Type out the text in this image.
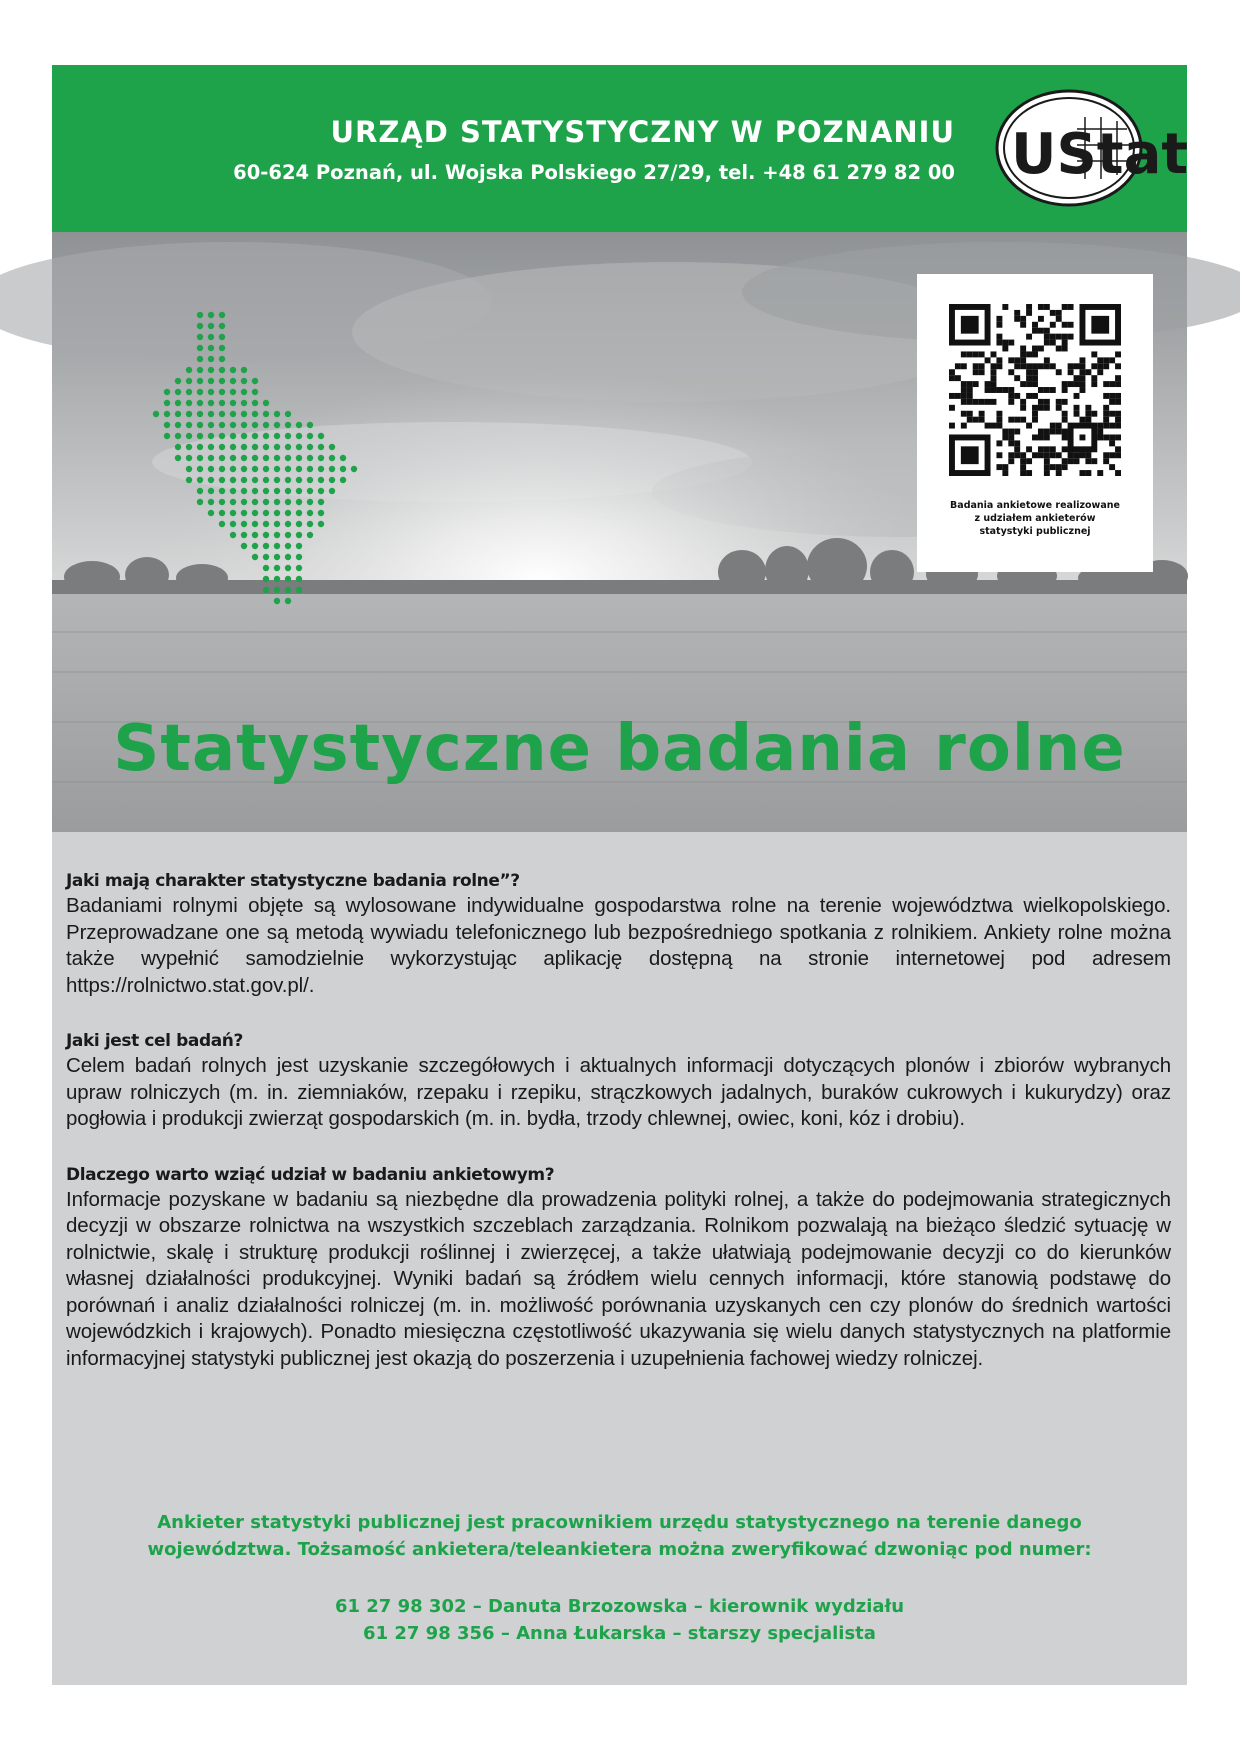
URZĄD STATYSTYCZNY W POZNANIU
60-624 Poznań, ul. Wojska Polskiego 27/29, tel. +48 61 279 82 00 UStat
Badania ankietowe realizowane
z udziałem ankieterów
statystyki publicznej
Statystyczne badania rolne
Jaki mają charakter statystyczne badania rolne”?
Badaniami rolnymi objęte są wylosowane indywidualne gospodarstwa rolne na terenie województwa wielkopolskiego. Przeprowadzane one są metodą wywiadu telefonicznego lub bezpośredniego spotkania z rolnikiem. Ankiety rolne można także wypełnić samodzielnie wykorzystując aplikację dostępną na stronie internetowej pod adresem https://rolnictwo.stat.gov.pl/.
Jaki jest cel badań?
Celem badań rolnych jest uzyskanie szczegółowych i aktualnych informacji dotyczących plonów i zbiorów wybranych upraw rolniczych (m. in. ziemniaków, rzepaku i rzepiku, strączkowych jadalnych, buraków cukrowych i kukurydzy) oraz pogłowia i produkcji zwierząt gospodarskich (m. in. bydła, trzody chlewnej, owiec, koni, kóz i drobiu).
Dlaczego warto wziąć udział w badaniu ankietowym?
Informacje pozyskane w badaniu są niezbędne dla prowadzenia polityki rolnej, a także do podejmowania strategicznych decyzji w obszarze rolnictwa na wszystkich szczeblach zarządzania. Rolnikom pozwalają na bieżąco śledzić sytuację w rolnictwie, skalę i strukturę produkcji roślinnej i zwierzęcej, a także ułatwiają podejmowanie decyzji co do kierunków własnej działalności produkcyjnej. Wyniki badań są źródłem wielu cennych informacji, które stanowią podstawę do porównań i analiz działalności rolniczej (m. in. możliwość porównania uzyskanych cen czy plonów do średnich wartości wojewódzkich i krajowych). Ponadto miesięczna częstotliwość ukazywania się wielu danych statystycznych na platformie informacyjnej statystyki publicznej jest okazją do poszerzenia i uzupełnienia fachowej wiedzy rolniczej.
Ankieter statystyki publicznej jest pracownikiem urzędu statystycznego na terenie danego
województwa. Tożsamość ankietera/teleankietera można zweryfikować dzwoniąc pod numer:
61 27 98 302 – Danuta Brzozowska – kierownik wydziału
61 27 98 356 – Anna Łukarska – starszy specjalista
